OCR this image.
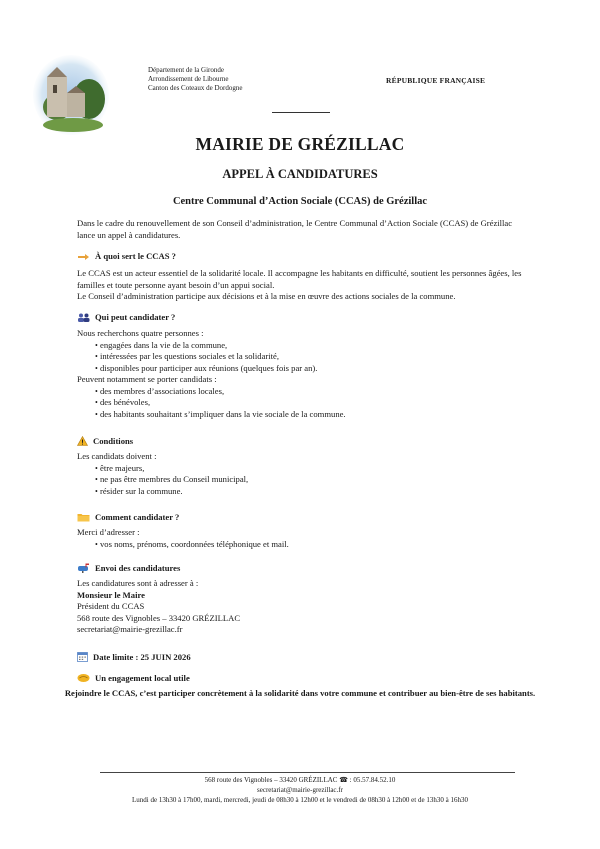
Département de la Gironde
Arrondissement de Libourne
Canton des Coteaux de Dordogne
RÉPUBLIQUE FRANÇAISE
MAIRIE DE GRÉZILLAC
APPEL À CANDIDATURES
Centre Communal d’Action Sociale (CCAS) de Grézillac
Dans le cadre du renouvellement de son Conseil d’administration, le Centre Communal d’Action Sociale (CCAS) de Grézillac lance un appel à candidatures.
À quoi sert le CCAS ?
Le CCAS est un acteur essentiel de la solidarité locale. Il accompagne les habitants en difficulté, soutient les personnes âgées, les familles et toute personne ayant besoin d’un appui social.
Le Conseil d’administration participe aux décisions et à la mise en œuvre des actions sociales de la commune.
Qui peut candidater ?
Nous recherchons quatre personnes :
• engagées dans la vie de la commune,
• intéressées par les questions sociales et la solidarité,
• disponibles pour participer aux réunions (quelques fois par an).
Peuvent notamment se porter candidats :
• des membres d’associations locales,
• des bénévoles,
• des habitants souhaitant s’impliquer dans la vie sociale de la commune.
Conditions
Les candidats doivent :
• être majeurs,
• ne pas être membres du Conseil municipal,
• résider sur la commune.
Comment candidater ?
Merci d’adresser :
• vos noms, prénoms, coordonnées téléphonique et mail.
Envoi des candidatures
Les candidatures sont à adresser à :
Monsieur le Maire
Président du CCAS
568 route des Vignobles – 33420 GRÉZILLAC
secretariat@mairie-grezillac.fr
Date limite : 25 JUIN 2026
Un engagement local utile
Rejoindre le CCAS, c’est participer concrètement à la solidarité dans votre commune et contribuer au bien-être de ses habitants.
568 route des Vignobles – 33420 GRÉZILLAC ☎ : 05.57.84.52.10
secretariat@mairie-grezillac.fr
Lundi de 13h30 à 17h00, mardi, mercredi, jeudi de 08h30 à 12h00 et le vendredi de 08h30 à 12h00 et de 13h30 à 16h30
